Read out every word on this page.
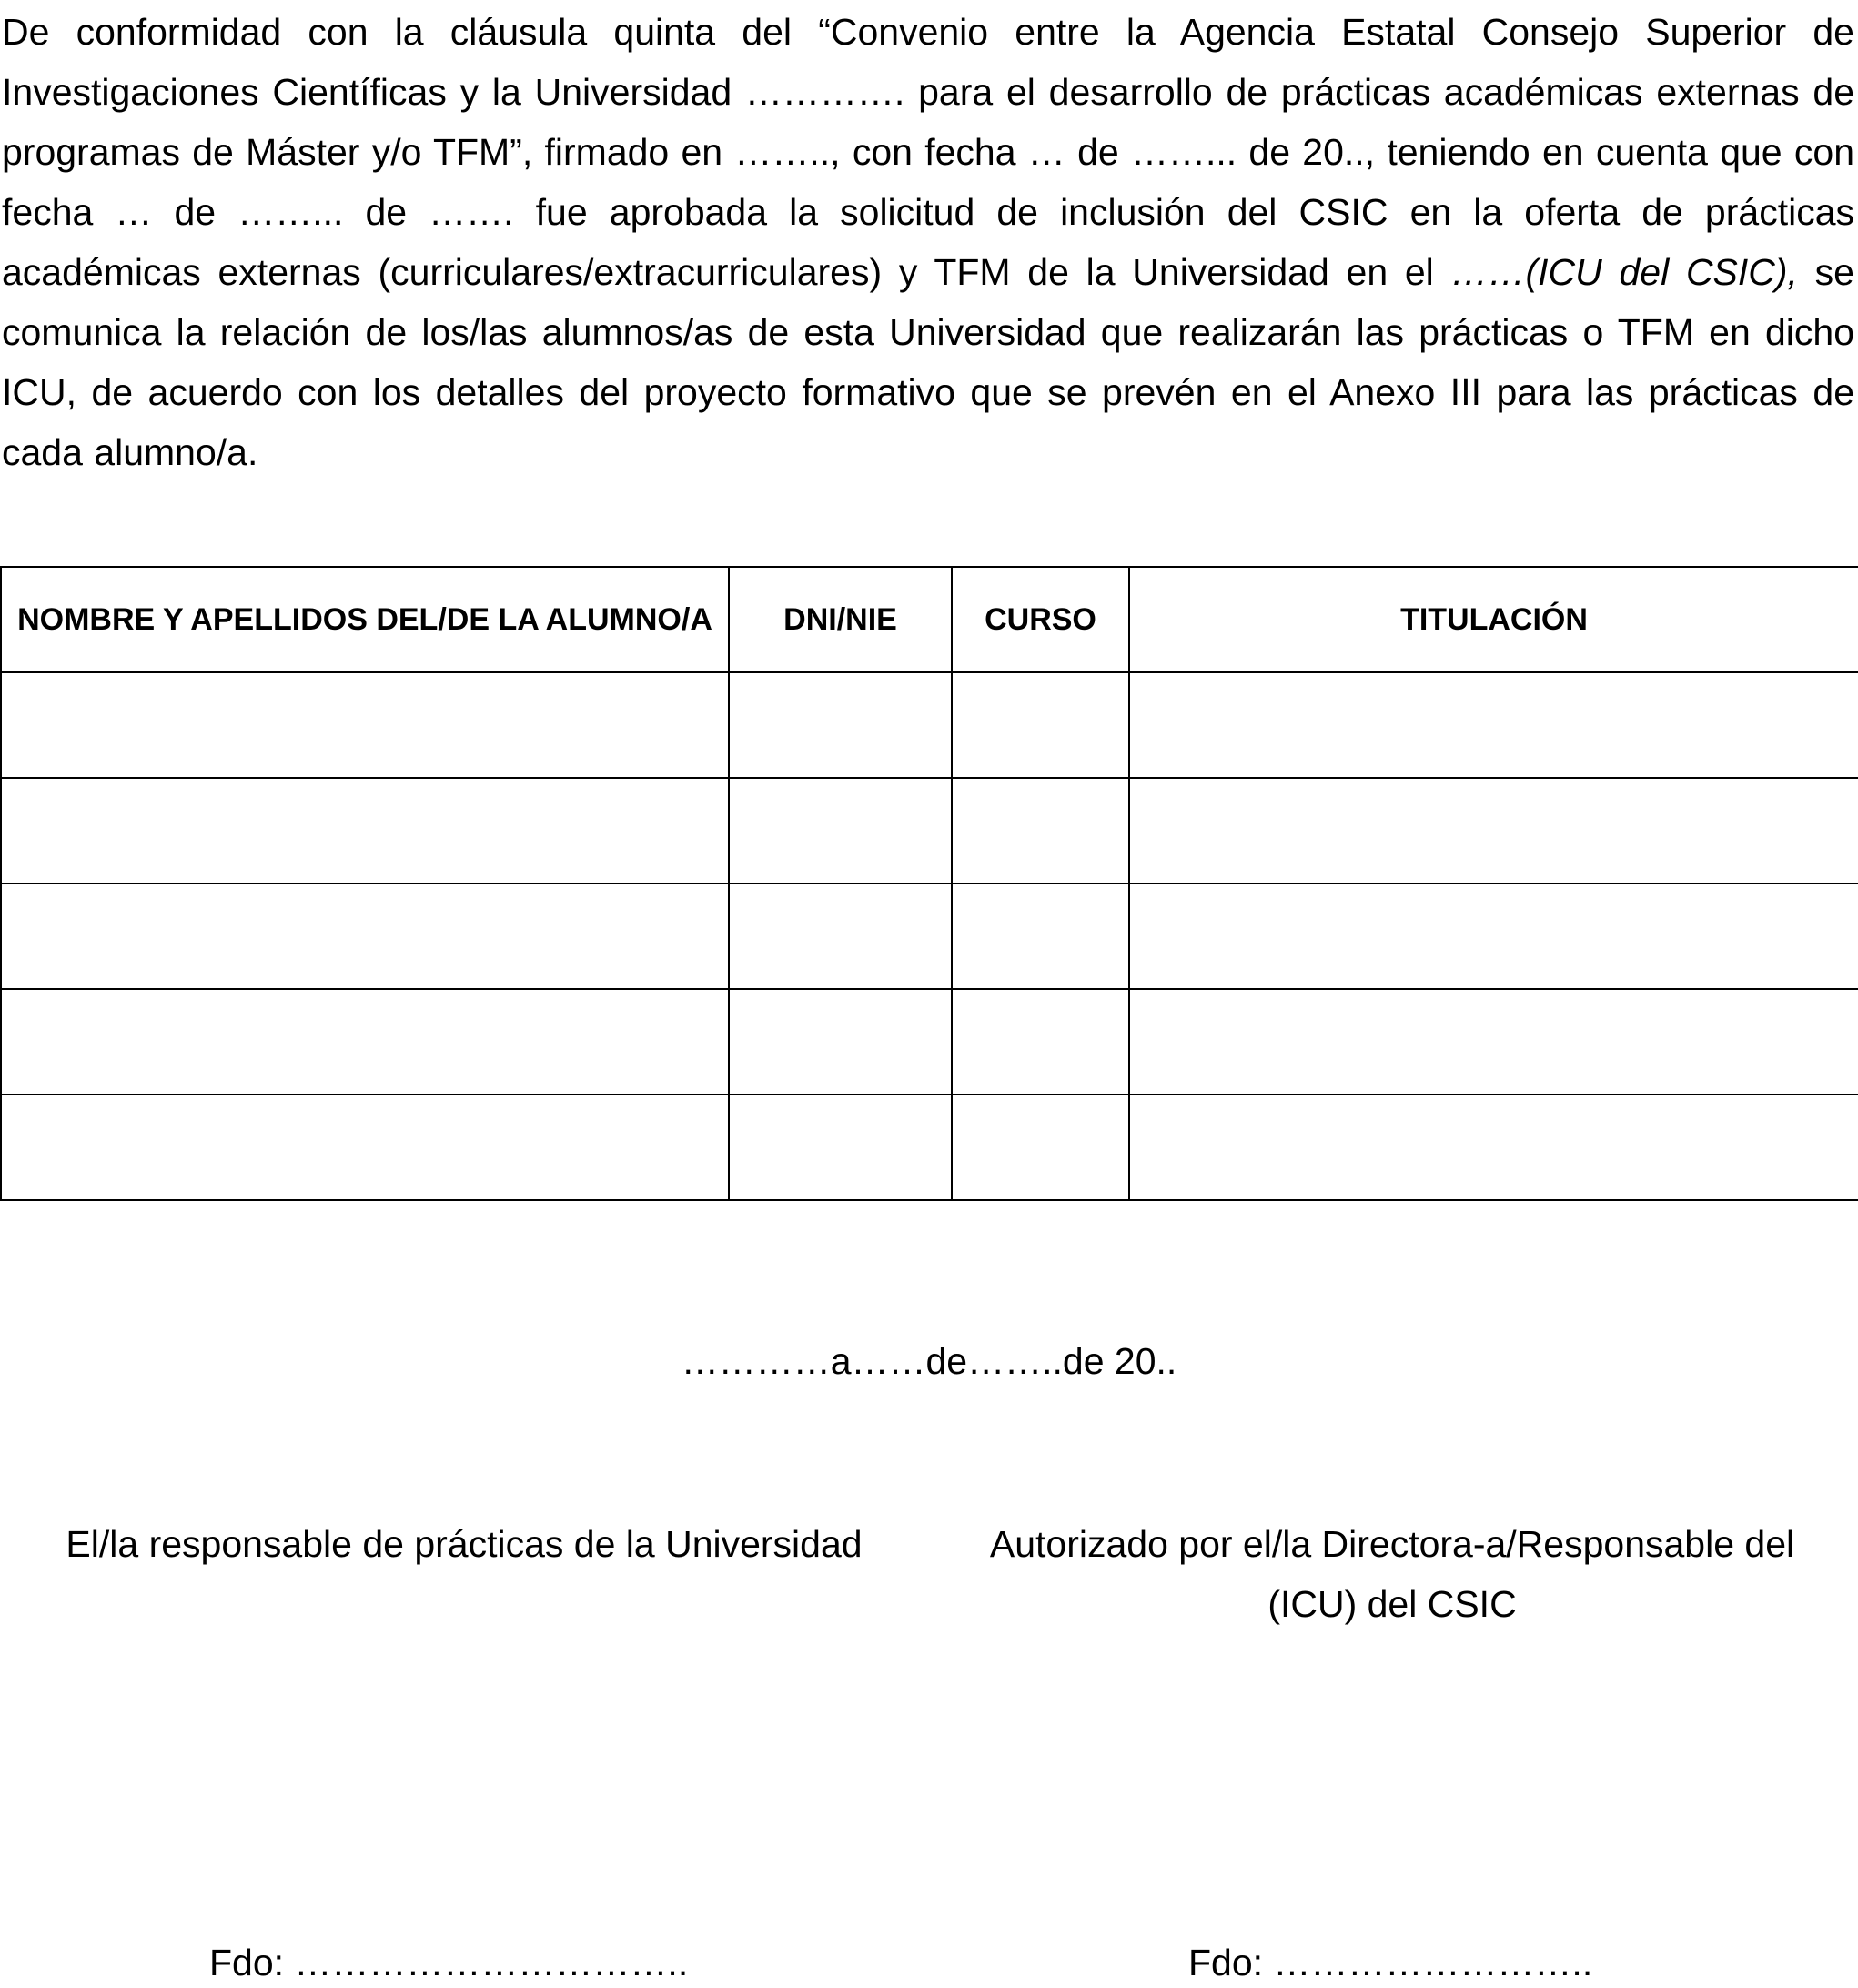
De conformidad con la cláusula quinta del “Convenio entre la Agencia Estatal Consejo Superior de Investigaciones Científicas y la Universidad …………. para el desarrollo de prácticas académicas externas de programas de Máster y/o TFM”, firmado en …….., con fecha … de ……... de 20.., teniendo en cuenta que con fecha … de ……... de ……. fue aprobada la solicitud de inclusión del CSIC en la oferta de prácticas académicas externas (curriculares/extracurriculares) y TFM de la Universidad en el ……(ICU del CSIC), se comunica la relación de los/las alumnos/as de esta Universidad que realizarán las prácticas o TFM en dicho ICU, de acuerdo con los detalles del proyecto formativo que se prevén en el Anexo III para las prácticas de cada alumno/a.

NOMBRE Y APELLIDOS DEL/DE LA ALUMNO/A	DNI/NIE	CURSO	TITULACIÓN

…………a……de……..de 20..

El/la responsable de prácticas de la Universidad	Autorizado por el/la Directora-a/Responsable del
(ICU) del CSIC

Fdo: …………………………..	Fdo: ……………………..
